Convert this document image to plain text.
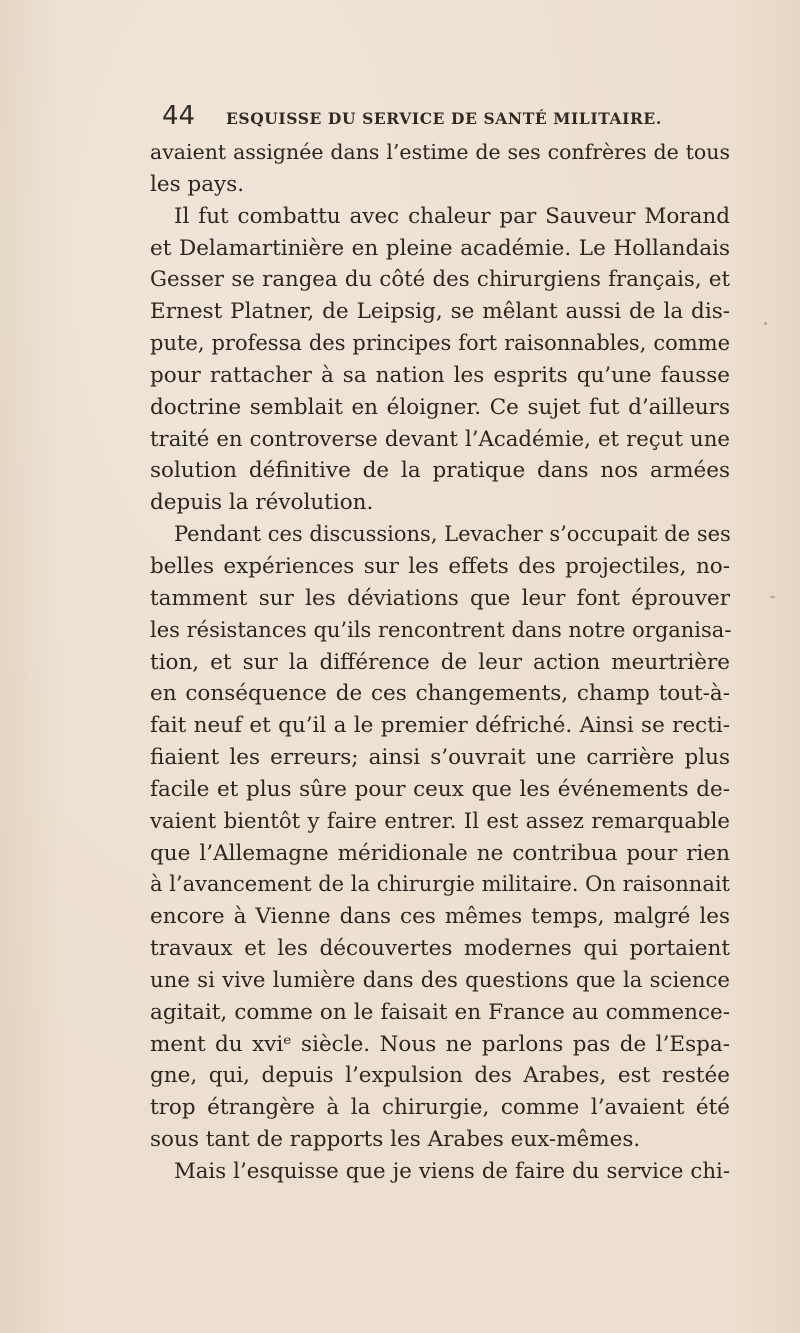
44	ESQUISSE DU SERVICE DE SANTÉ MILITAIRE.
avaient assignée dans l’estime de ses confrères de tous
les pays.
Il fut combattu avec chaleur par Sauveur Morand
et Delamartinière en pleine académie. Le Hollandais
Gesser se rangea du côté des chirurgiens français, et
Ernest Platner, de Leipsig, se mêlant aussi de la dis-
pute, professa des principes fort raisonnables, comme
pour rattacher à sa nation les esprits qu’une fausse
doctrine semblait en éloigner. Ce sujet fut d’ailleurs
traité en controverse devant l’Académie, et reçut une
solution définitive de la pratique dans nos armées
depuis la révolution.
Pendant ces discussions, Levacher s’occupait de ses
belles expériences sur les effets des projectiles, no-
tamment sur les déviations que leur font éprouver
les résistances qu’ils rencontrent dans notre organisa-
tion, et sur la différence de leur action meurtrière
en conséquence de ces changements, champ tout-à-
fait neuf et qu’il a le premier défriché. Ainsi se recti-
fiaient les erreurs; ainsi s’ouvrait une carrière plus
facile et plus sûre pour ceux que les événements de-
vaient bientôt y faire entrer. Il est assez remarquable
que l’Allemagne méridionale ne contribua pour rien
à l’avancement de la chirurgie militaire. On raisonnait
encore à Vienne dans ces mêmes temps, malgré les
travaux et les découvertes modernes qui portaient
une si vive lumière dans des questions que la science
agitait, comme on le faisait en France au commence-
ment du xviᵉ siècle. Nous ne parlons pas de l’Espa-
gne, qui, depuis l’expulsion des Arabes, est restée
trop étrangère à la chirurgie, comme l’avaient été
sous tant de rapports les Arabes eux-mêmes.
Mais l’esquisse que je viens de faire du service chi-
